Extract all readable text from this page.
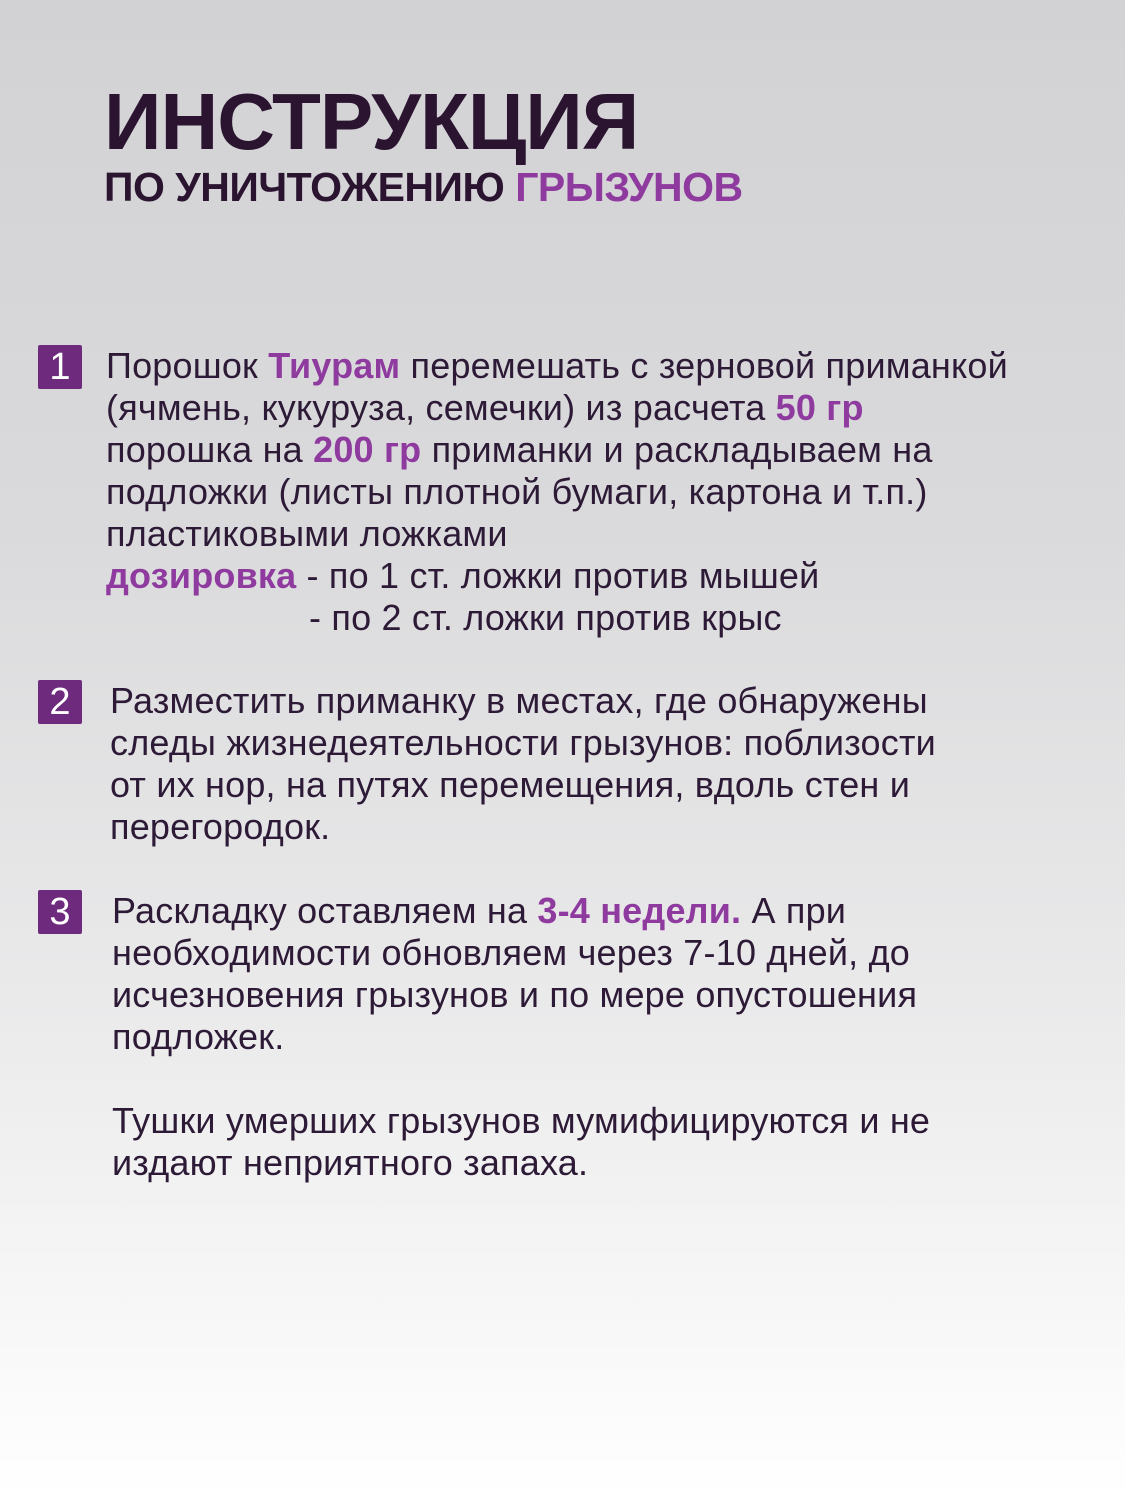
ИНСТРУКЦИЯ
ПО УНИЧТОЖЕНИЮ ГРЫЗУНОВ
1 Порошок Тиурам перемешать с зерновой приманкой
(ячмень, кукуруза, семечки) из расчета 50 гр
порошка на 200 гр приманки и раскладываем на
подложки (листы плотной бумаги, картона и т.п.)
пластиковыми ложками
дозировка - по 1 ст. ложки против мышей
- по 2 ст. ложки против крыс
2	Разместить приманку в местах, где обнаружены
следы жизнедеятельности грызунов: поблизости
от их нор, на путях перемещения, вдоль стен и
перегородок.
3	Раскладку оставляем на 3-4 недели. А при
необходимости обновляем через 7-10 дней, до
исчезновения грызунов и по мере опустошения
подложек.
Тушки умерших грызунов мумифицируются и не
издают неприятного запаха.
